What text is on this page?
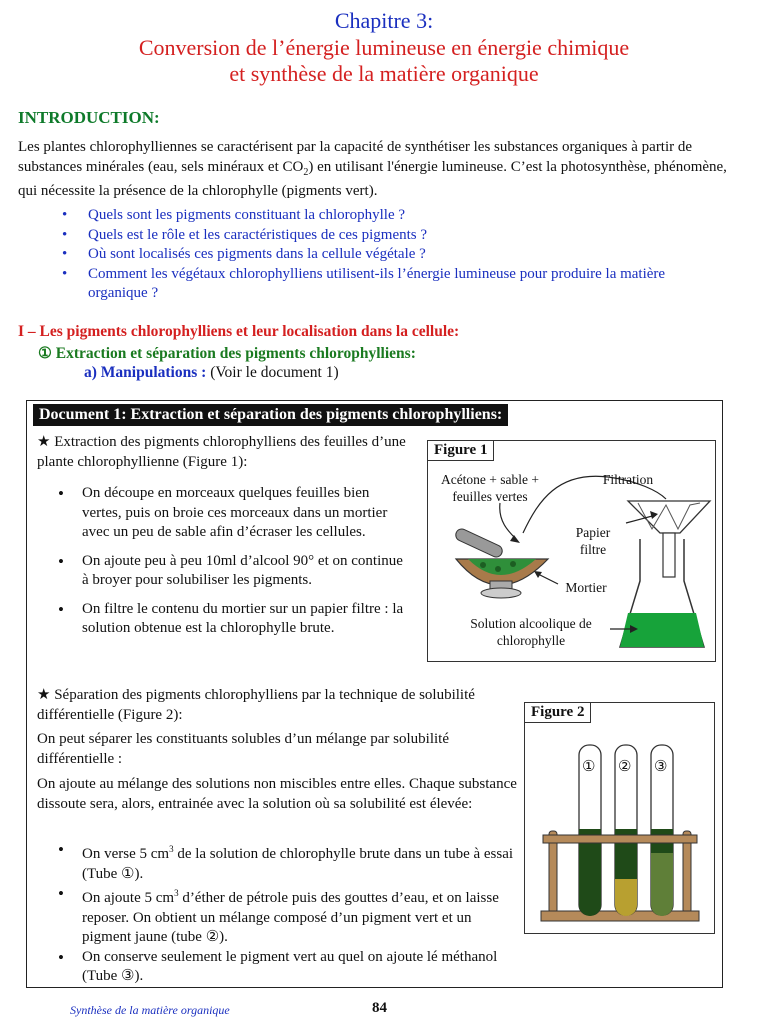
Chapitre 3:
Conversion de l’énergie lumineuse en énergie chimique
et synthèse de la matière organique
INTRODUCTION:
Les plantes chlorophylliennes se caractérisent par la capacité de synthétiser les substances organiques à partir de substances minérales (eau, sels minéraux et $CO_2$) en utilisant l'énergie lumineuse. C’est la photosynthèse, phénomène, qui nécessite la présence de la chlorophylle (pigments vert).
• Quels sont les pigments constituant la chlorophylle ?
• Quels est le rôle et les caractéristiques de ces pigments ?
• Où sont localisés ces pigments dans la cellule végétale ?
• Comment les végétaux chlorophylliens utilisent-ils l’énergie lumineuse pour produire la matière organique ?
I – Les pigments chlorophylliens et leur localisation dans la cellule:
① Extraction et séparation des pigments chlorophylliens:
a) Manipulations : (Voir le document 1)
Document 1: Extraction et séparation des pigments chlorophylliens:
★ Extraction des pigments chlorophylliens des feuilles d’une plante chlorophyllienne (Figure 1):
• On découpe en morceaux quelques feuilles bien vertes, puis on broie ces morceaux dans un mortier avec un peu de sable afin d’écraser les cellules.
• On ajoute peu à peu 10ml d’alcool 90° et on continue à broyer pour solubiliser les pigments.
• On filtre le contenu du mortier sur un papier filtre : la solution obtenue est la chlorophylle brute.
★ Séparation des pigments chlorophylliens par la technique de solubilité différentielle (Figure 2):
On peut séparer les constituants solubles d’un mélange par solubilité différentielle :
On ajoute au mélange des solutions non miscibles entre elles. Chaque substance dissoute sera, alors, entrainée avec la solution où sa solubilité est élevée:
• On verse 5 $cm^3$ de la solution de chlorophylle brute dans un tube à essai (Tube ①).
• On ajoute 5 $cm^3$ d’éther de pétrole puis des gouttes d’eau, et on laisse reposer. On obtient un mélange composé d’un pigment vert et un pigment jaune (tube ②).
• On conserve seulement le pigment vert au quel on ajoute lé méthanol (Tube ③).
Figure 1
Acétone + sable + feuilles vertes
Filtration
Papier filtre
Mortier
Solution alcoolique de chlorophylle
Figure 2
① ② ③
Synthèse de la matière organique	84
